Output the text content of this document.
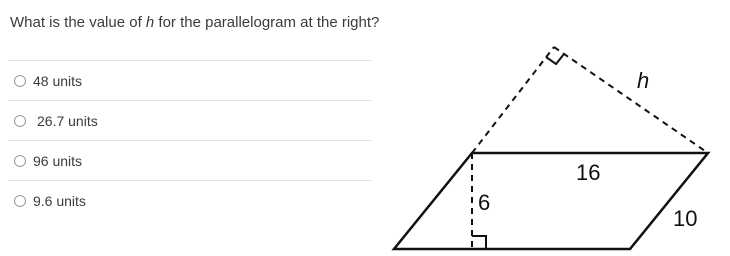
What is the value of h for the parallelogram at the right?
48 units
26.7 units
96 units
9.6 units
h
16
10
6
